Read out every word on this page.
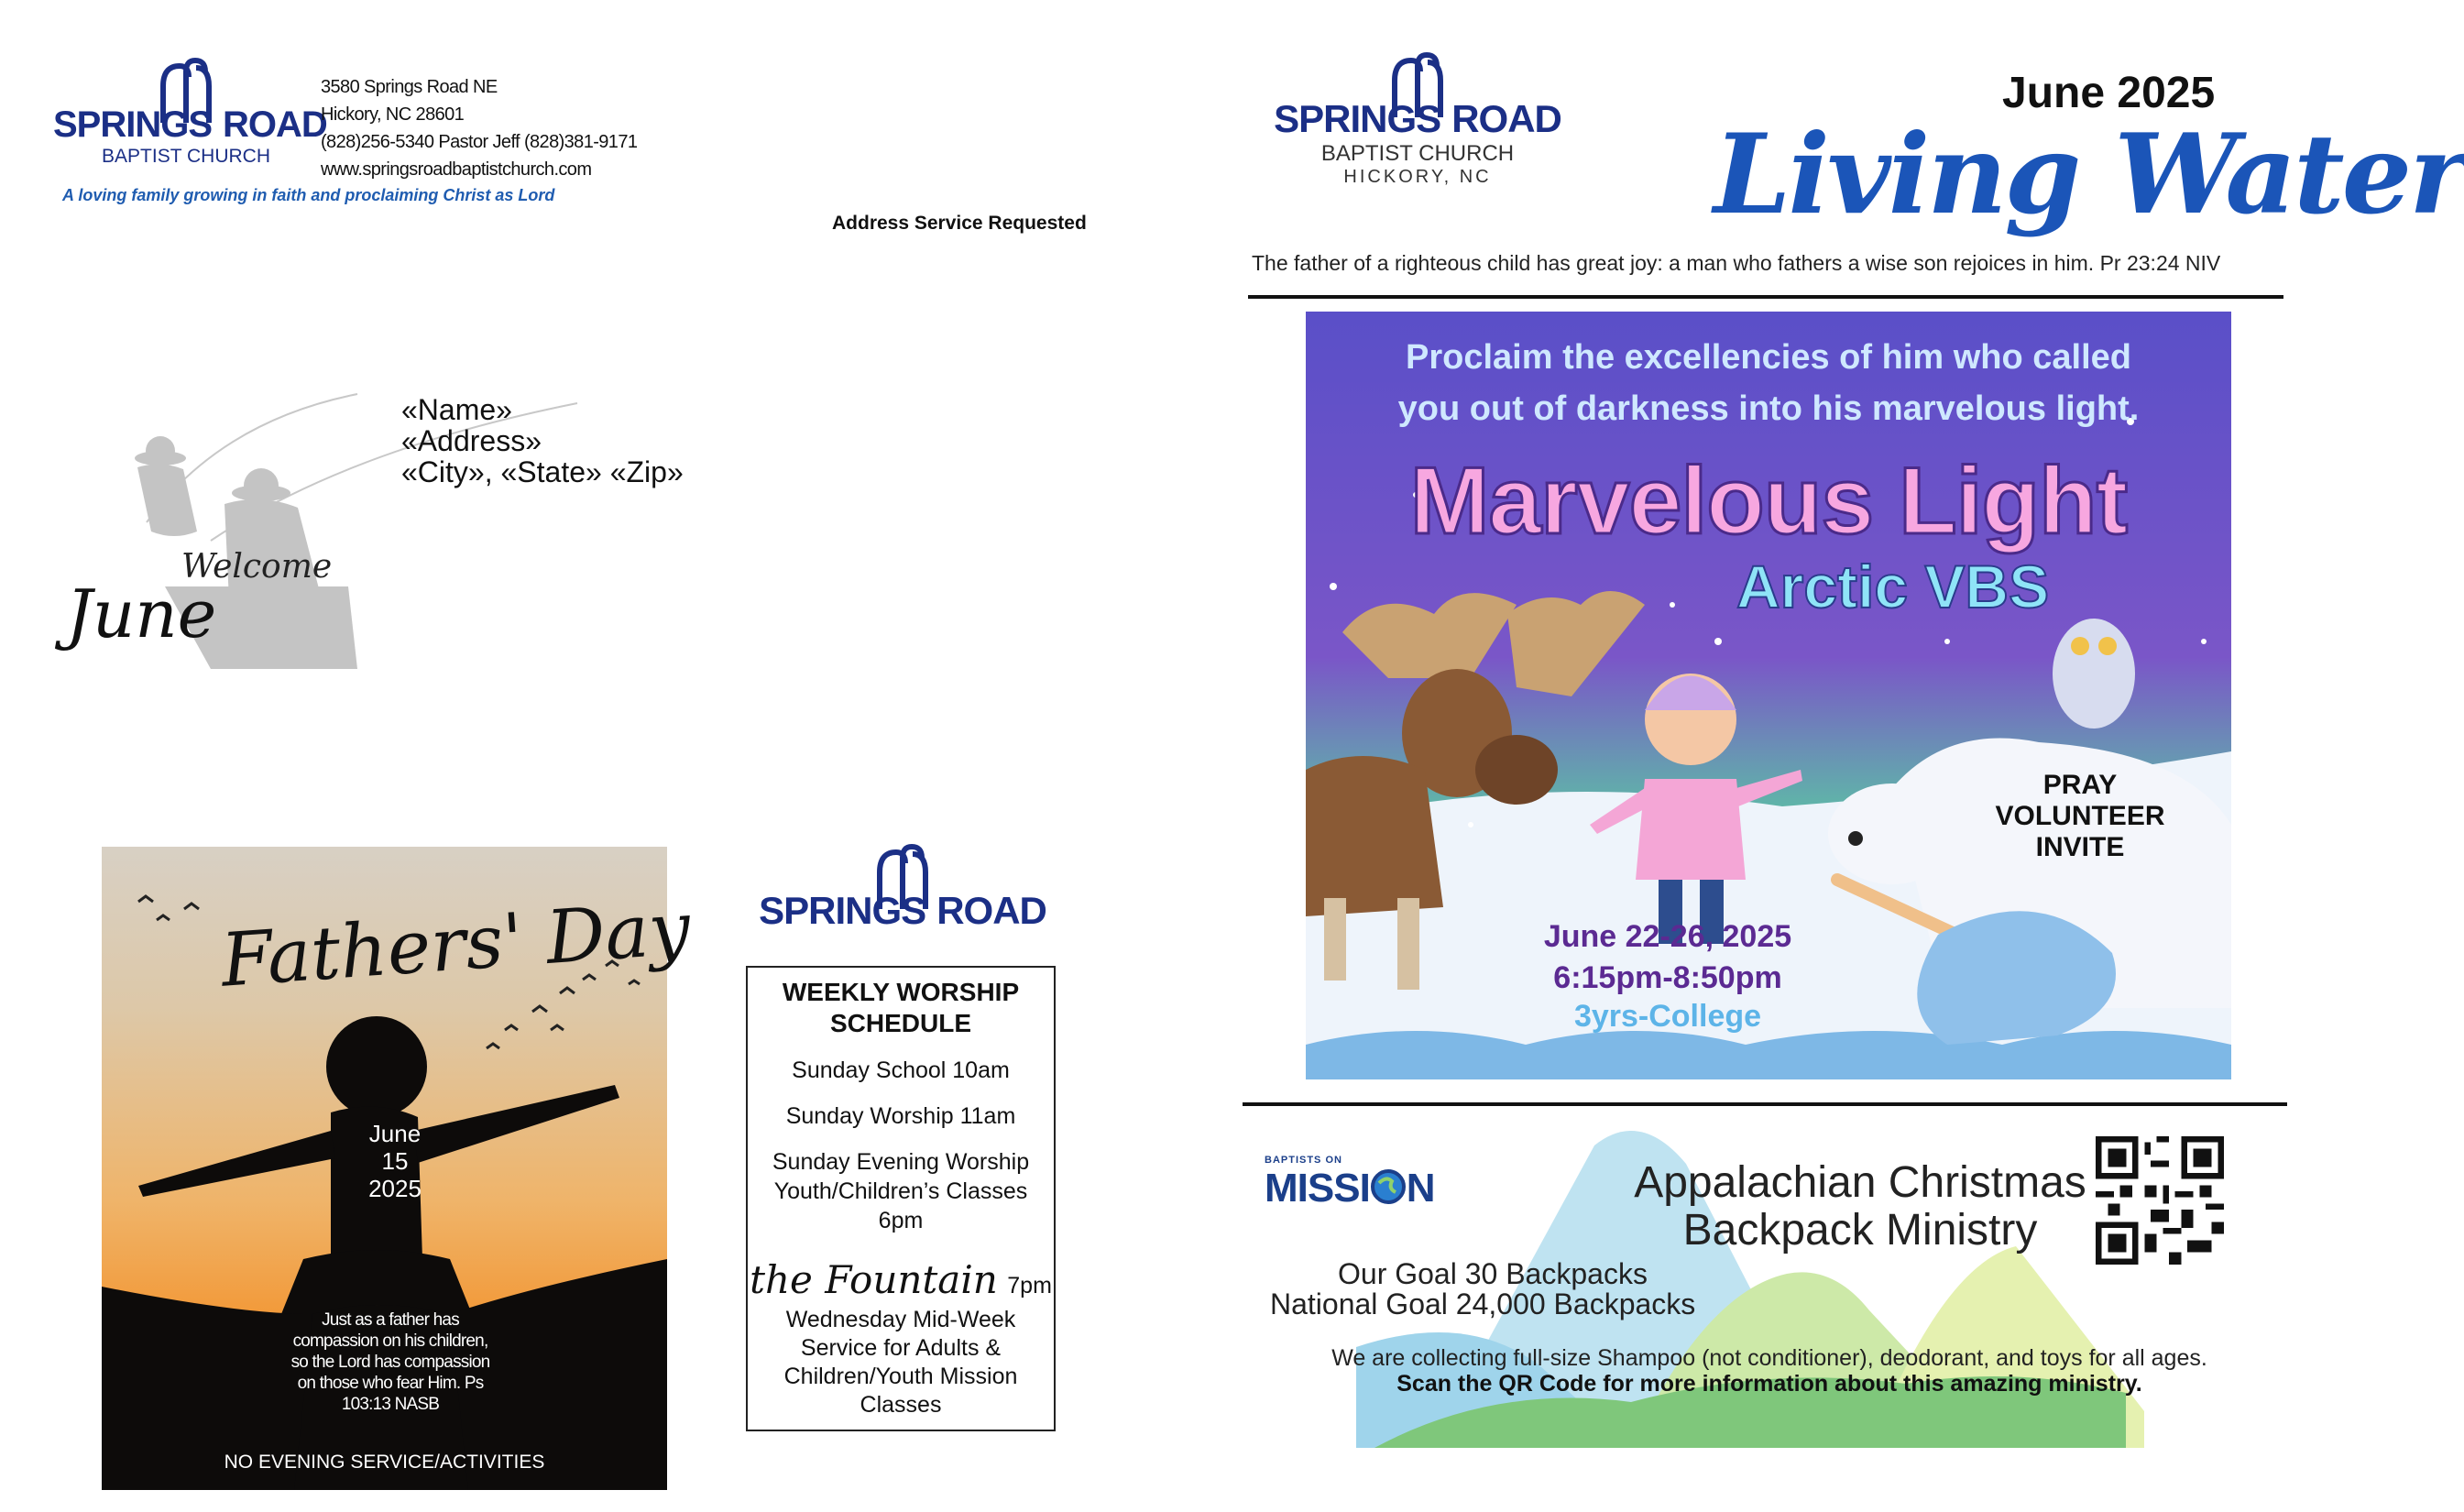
SPRINGS ROAD
BAPTIST CHURCH
3580 Springs Road NE
Hickory, NC 28601
(828)256-5340 Pastor Jeff (828)381-9171
www.springsroadbaptistchurch.com
A loving family growing in faith and proclaiming Christ as Lord
Address Service Requested
Welcome
June
«Name»
«Address»
«City», «State» «Zip»
Fathers' Day
June
15
2025
Just as a father has compassion on his children, so the Lord has compassion on those who fear Him. Ps 103:13 NASB
NO EVENING SERVICE/ACTIVITIES
SPRINGS ROAD
WEEKLY WORSHIP
SCHEDULE
Sunday School 10am
Sunday Worship 11am
Sunday Evening Worship Youth/Children’s Classes 6pm
the Fountain 7pm
Wednesday Mid-Week Service for Adults & Children/Youth Mission Classes
SPRINGS ROAD
BAPTIST CHURCH
HICKORY, NC
June 2025
Living Water
The father of a righteous child has great joy: a man who fathers a wise son rejoices in him. Pr 23:24 NIV
Proclaim the excellencies of him who called
you out of darkness into his marvelous light.
Marvelous Light
Arctic VBS
June 22-26, 2025
6:15pm-8:50pm
3yrs-College
PRAY
VOLUNTEER
INVITE
BAPTISTS ON
MISSI N	Appalachian Christmas
Backpack Ministry
Our Goal 30 Backpacks
National Goal 24,000 Backpacks
We are collecting full-size Shampoo (not conditioner), deodorant, and toys for all ages.
Scan the QR Code for more information about this amazing ministry.
